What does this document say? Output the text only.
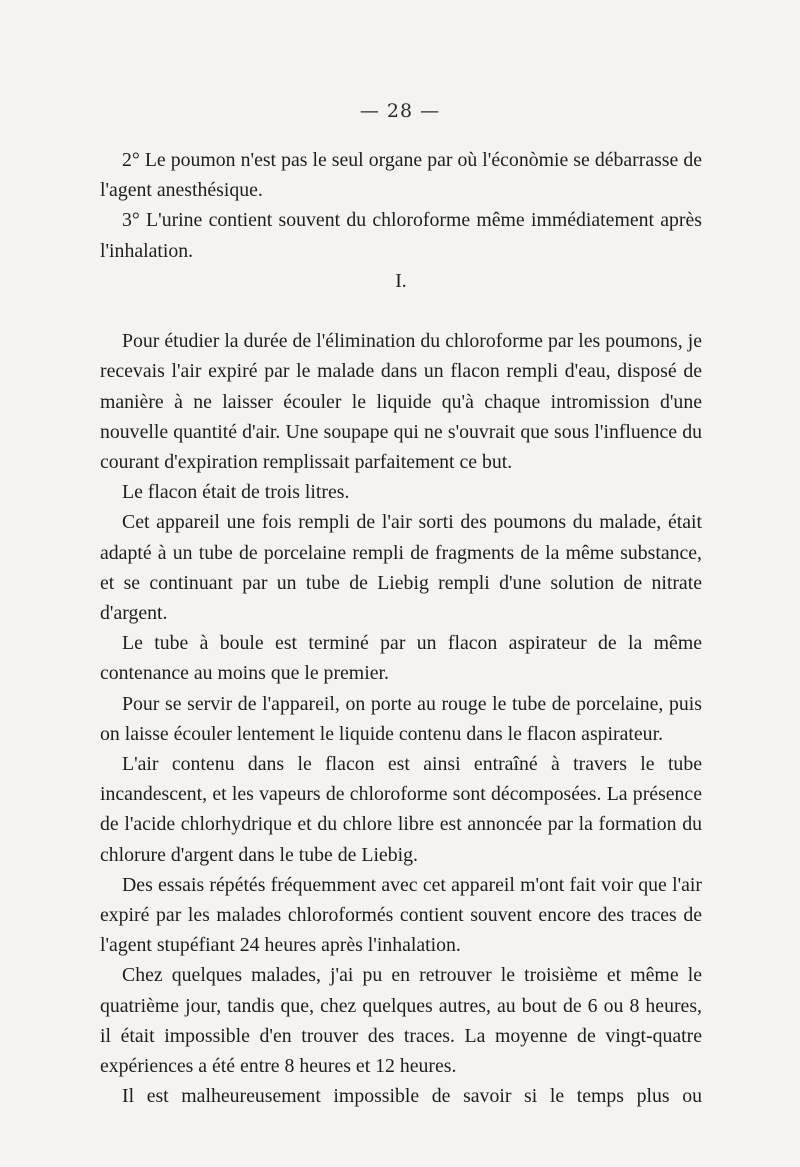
— 28 —

2° Le poumon n'est pas le seul organe par où l'éconòmie se débarrasse de l'agent anesthésique.

3° L'urine contient souvent du chloroforme même immédiatement après l'inhalation.

I.

Pour étudier la durée de l'élimination du chloroforme par les poumons, je recevais l'air expiré par le malade dans un flacon rempli d'eau, disposé de manière à ne laisser écouler le liquide qu'à chaque intromission d'une nouvelle quantité d'air. Une soupape qui ne s'ouvrait que sous l'influence du courant d'expiration remplissait parfaitement ce but.

Le flacon était de trois litres.

Cet appareil une fois rempli de l'air sorti des poumons du malade, était adapté à un tube de porcelaine rempli de fragments de la même substance, et se continuant par un tube de Liebig rempli d'une solution de nitrate d'argent.

Le tube à boule est terminé par un flacon aspirateur de la même contenance au moins que le premier.

Pour se servir de l'appareil, on porte au rouge le tube de porcelaine, puis on laisse écouler lentement le liquide contenu dans le flacon aspirateur.

L'air contenu dans le flacon est ainsi entraîné à travers le tube incandescent, et les vapeurs de chloroforme sont décomposées. La présence de l'acide chlorhydrique et du chlore libre est annoncée par la formation du chlorure d'argent dans le tube de Liebig.

Des essais répétés fréquemment avec cet appareil m'ont fait voir que l'air expiré par les malades chloroformés contient souvent encore des traces de l'agent stupéfiant 24 heures après l'inhalation.

Chez quelques malades, j'ai pu en retrouver le troisième et même le quatrième jour, tandis que, chez quelques autres, au bout de 6 ou 8 heures, il était impossible d'en trouver des traces. La moyenne de vingt-quatre expériences a été entre 8 heures et 12 heures.

Il est malheureusement impossible de savoir si le temps plus ou
